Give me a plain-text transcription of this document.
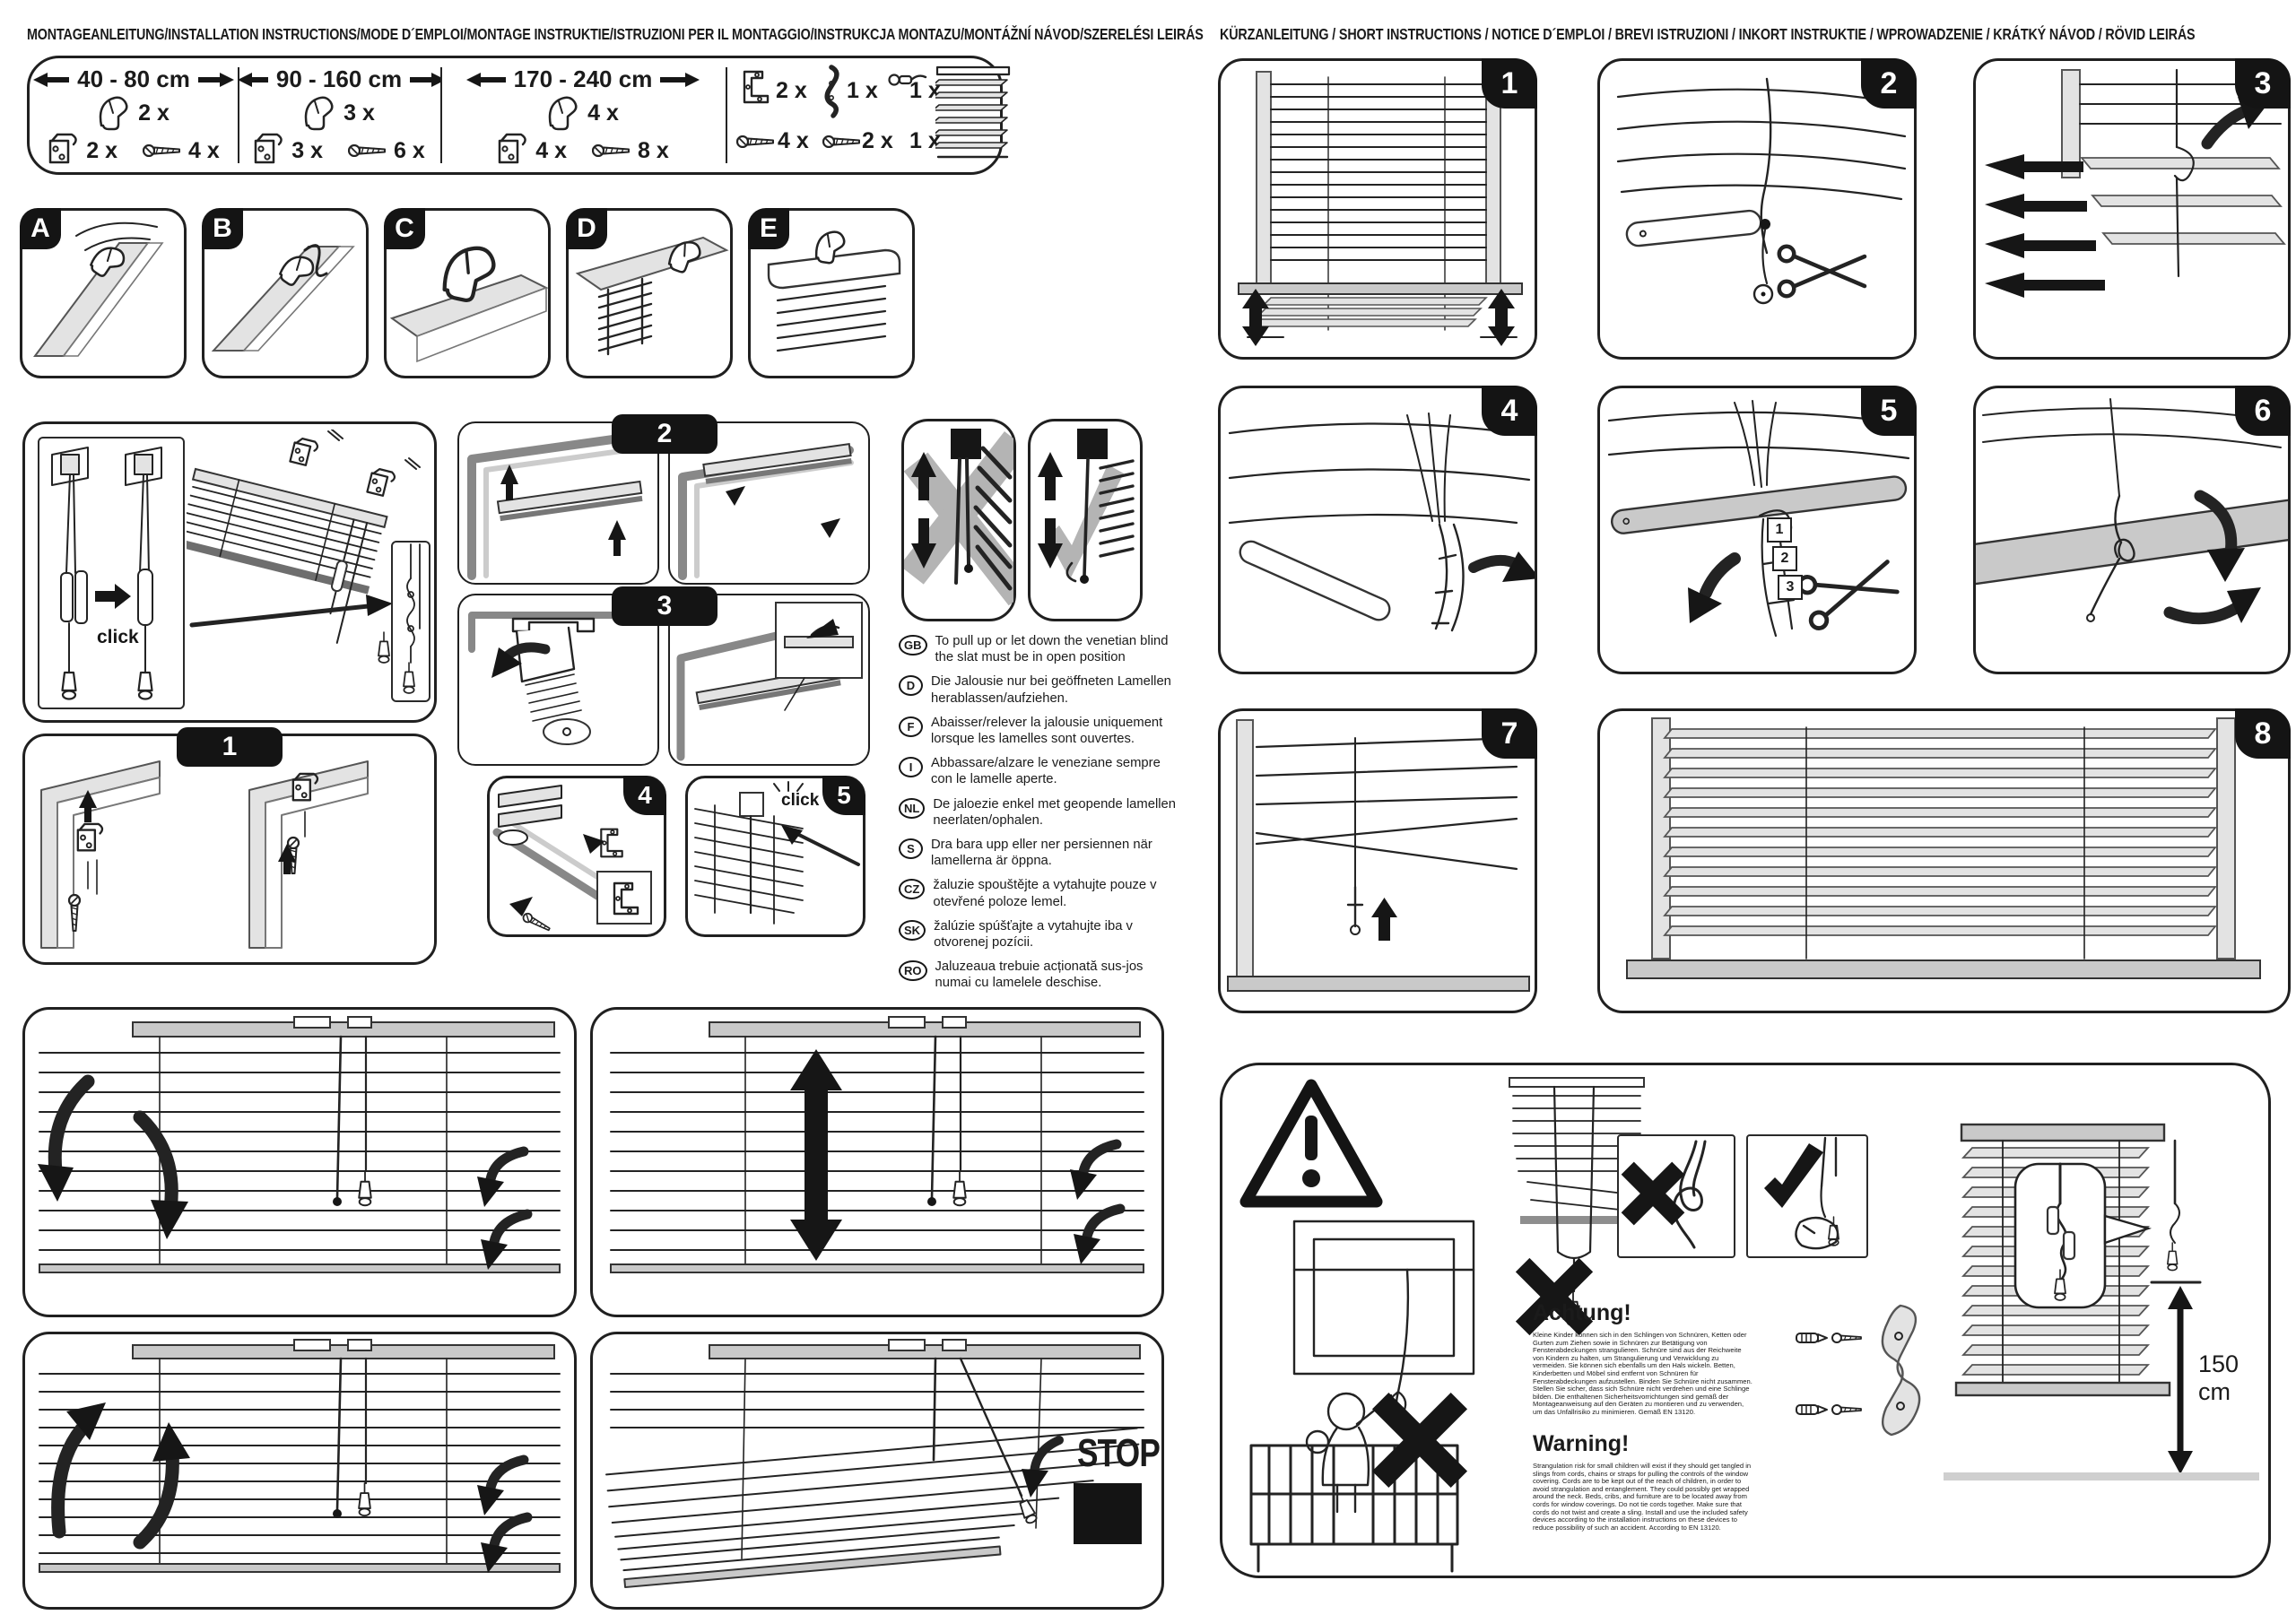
MONTAGEANLEITUNG/INSTALLATION INSTRUCTIONS/MODE D´EMPLOI/MONTAGE INSTRUKTIE/ISTRUZIONI PER IL MONTAGGIO/INSTRUKCJA MONTAZU/MONTÁŽNÍ NÁVOD/SZERELÉSI LEIRÁS
40 - 80 cm
2 x
2 x	4 x
90 - 160 cm
3 x
3 x	6 x
170 - 240 cm
4 x
4 x	8 x
2 x 1 x 1 x
4 x 2 x 1 x
A	B	C	D	E
click
1
2
3
4	5
click
GB	To pull up or let down the venetian blind the slat must be in open position
D	Die Jalousie nur bei geöffneten Lamellen herablassen/aufziehen.
F	Abaisser/relever la jalousie uniquement lorsque les lamelles sont ouvertes.
I	Abbassare/alzare le veneziane sempre con le lamelle aperte.
NL	De jaloezie enkel met geopende lamellen neerlaten/ophalen.
S	Dra bara upp eller ner persiennen när lamellerna är öppna.
CZ	žaluzie spouštějte a vytahujte pouze v otevřené poloze lemel.
SK	žalúzie spúšťajte a vytahujte iba v otvorenej pozícii.
RO	Jaluzeaua trebuie acționată sus-jos numai cu lamelele deschise.
STOP
KÜRZANLEITUNG / SHORT INSTRUCTIONS / NOTICE D´EMPLOI / BREVI ISTRUZIONI / INKORT INSTRUKTIE / WPROWADZENIE / KRÁTKÝ NÁVOD / RÖVID LEIRÁS
1	2	3
4	5
1
2
3
6
7	8
Achtung!
Kleine Kinder können sich in den Schlingen von Schnüren, Ketten oder Gurten zum Ziehen sowie in Schnüren zur Betätigung von Fensterabdeckungen strangulieren. Schnüre sind aus der Reichweite von Kindern zu halten, um Strangulierung und Verwicklung zu vermeiden. Sie können sich ebenfalls um den Hals wickeln. Betten, Kinderbetten und Möbel sind entfernt von Schnüren für Fensterabdeckungen aufzustellen. Binden Sie Schnüre nicht zusammen. Stellen Sie sicher, dass sich Schnüre nicht verdrehen und eine Schlinge bilden. Die enthaltenen Sicherheitsvorrichtungen sind gemäß der Montageanweisung auf den Geräten zu montieren und zu verwenden, um das Unfallrisiko zu minimieren. Gemäß EN 13120.
Warning!
Strangulation risk for small children will exist if they should get tangled in slings from cords, chains or straps for pulling the controls of the window covering. Cords are to be kept out of the reach of children, in order to avoid strangulation and entanglement. They could possibly get wrapped around the neck. Beds, cribs, and furniture are to be located away from cords for window coverings. Do not tie cords together. Make sure that cords do not twist and create a sling. Install and use the included safety devices according to the installation instructions on these devices to reduce possibility of such an accident. According to EN 13120.
150 cm
